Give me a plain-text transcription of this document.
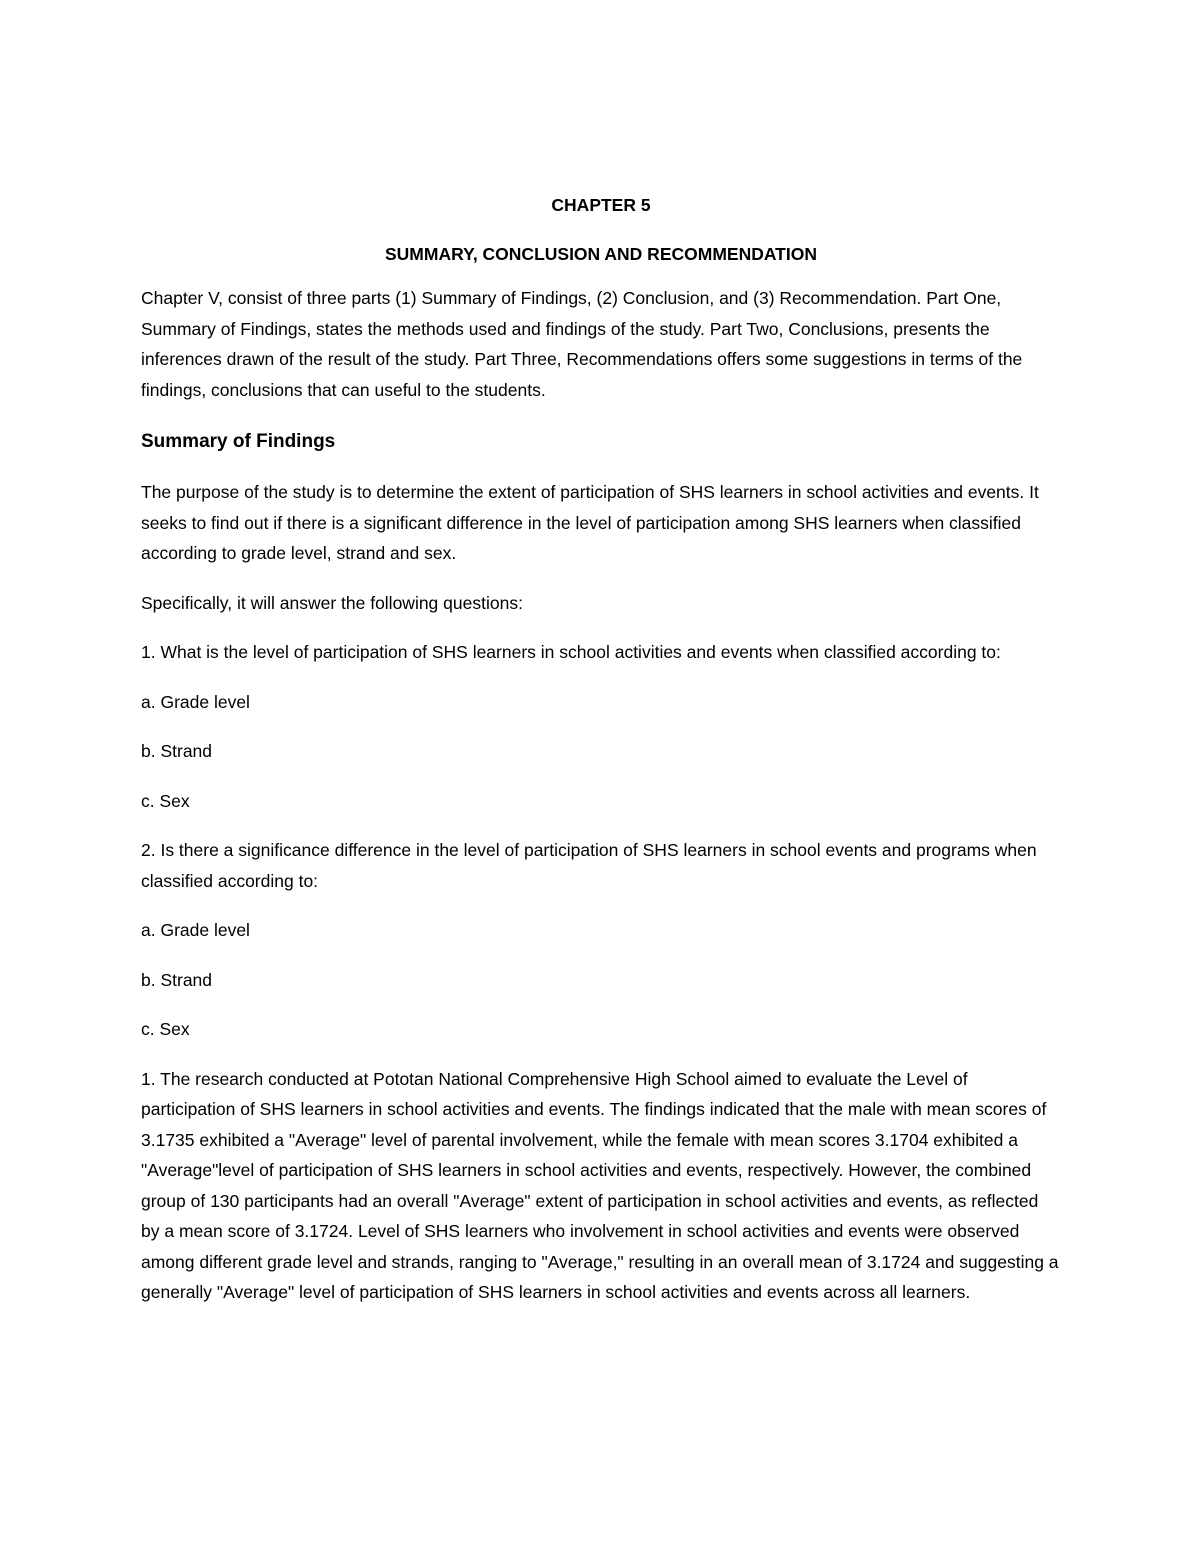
CHAPTER 5
SUMMARY, CONCLUSION AND RECOMMENDATION

Chapter V, consist of three parts (1) Summary of Findings, (2) Conclusion, and (3) Recommendation. Part One, Summary of Findings, states the methods used and findings of the study. Part Two, Conclusions, presents the inferences drawn of the result of the study. Part Three, Recommendations offers some suggestions in terms of the findings, conclusions that can useful to the students.

Summary of Findings

The purpose of the study is to determine the extent of participation of SHS learners in school activities and events. It seeks to find out if there is a significant difference in the level of participation among SHS learners when classified according to grade level, strand and sex.

Specifically, it will answer the following questions:

1. What is the level of participation of SHS learners in school activities and events when classified according to:

a. Grade level

b. Strand

c. Sex

2. Is there a significance difference in the level of participation of SHS learners in school events and programs when classified according to:

a. Grade level

b. Strand

c. Sex

1. The research conducted at Pototan National Comprehensive High School aimed to evaluate the Level of participation of SHS learners in school activities and events. The findings indicated that the male with mean scores of 3.1735 exhibited a "Average" level of parental involvement, while the female with mean scores 3.1704 exhibited a "Average"level of participation of SHS learners in school activities and events, respectively. However, the combined group of 130 participants had an overall "Average" extent of participation in school activities and events, as reflected by a mean score of 3.1724. Level of SHS learners who involvement in school activities and events were observed among different grade level and strands, ranging to "Average," resulting in an overall mean of 3.1724 and suggesting a generally "Average" level of participation of SHS learners in school activities and events across all learners.
